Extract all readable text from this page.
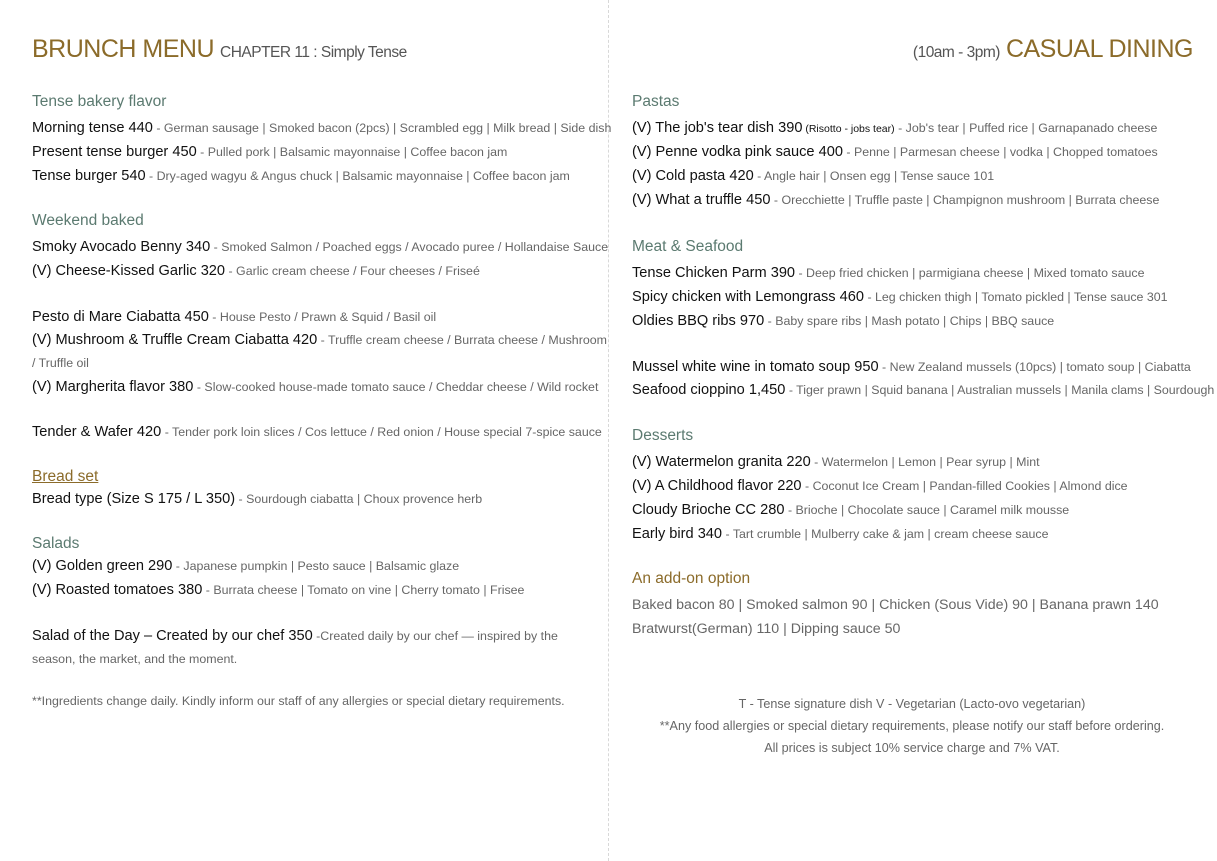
BRUNCH MENU CHAPTER 11 : Simply Tense	(10am - 3pm) CASUAL DINING
Tense bakery flavor
Morning tense 440 - German sausage | Smoked bacon (2pcs) | Scrambled egg | Milk bread | Side dish
Present tense burger 450 - Pulled pork | Balsamic mayonnaise | Coffee bacon jam
Tense burger 540 - Dry-aged wagyu & Angus chuck | Balsamic mayonnaise | Coffee bacon jam
Weekend baked
Smoky Avocado Benny 340 - Smoked Salmon / Poached eggs / Avocado puree / Hollandaise Sauce
(V) Cheese-Kissed Garlic 320 - Garlic cream cheese / Four cheeses / Friseé
Pesto di Mare Ciabatta 450 - House Pesto / Prawn & Squid / Basil oil
(V) Mushroom & Truffle Cream Ciabatta 420 - Truffle cream cheese / Burrata cheese / Mushroom / Truffle oil
(V) Margherita flavor 380 - Slow-cooked house-made tomato sauce / Cheddar cheese / Wild rocket
Tender & Wafer 420 - Tender pork loin slices / Cos lettuce / Red onion / House special 7-spice sauce
Bread set
Bread type (Size S 175 / L 350) - Sourdough ciabatta | Choux provence herb
Salads
(V) Golden green 290 - Japanese pumpkin | Pesto sauce | Balsamic glaze
(V) Roasted tomatoes 380 - Burrata cheese | Tomato on vine | Cherry tomato | Frisee
Salad of the Day – Created by our chef 350 -Created daily by our chef — inspired by the season, the market, and the moment.
**Ingredients change daily. Kindly inform our staff of any allergies or special dietary requirements.
Pastas
(V) The job's tear dish 390 (Risotto - jobs tear) - Job's tear | Puffed rice | Garnapanado cheese
(V) Penne vodka pink sauce 400 - Penne | Parmesan cheese | vodka | Chopped tomatoes
(V) Cold pasta 420 - Angle hair | Onsen egg | Tense sauce 101
(V) What a truffle 450 - Orecchiette | Truffle paste | Champignon mushroom | Burrata cheese
Meat & Seafood
Tense Chicken Parm 390 - Deep fried chicken | parmigiana cheese | Mixed tomato sauce
Spicy chicken with Lemongrass 460 - Leg chicken thigh | Tomato pickled | Tense sauce 301
Oldies BBQ ribs 970 - Baby spare ribs | Mash potato | Chips | BBQ sauce
Mussel white wine in tomato soup 950 - New Zealand mussels (10pcs) | tomato soup | Ciabatta
Seafood cioppino 1,450 - Tiger prawn | Squid banana | Australian mussels | Manila clams | Sourdough
Desserts
(V) Watermelon granita 220 - Watermelon | Lemon | Pear syrup | Mint
(V) A Childhood flavor 220 - Coconut Ice Cream | Pandan-filled Cookies | Almond dice
Cloudy Brioche CC 280 - Brioche | Chocolate sauce | Caramel milk mousse
Early bird 340 - Tart crumble | Mulberry cake & jam | cream cheese sauce
An add-on option
Baked bacon 80 | Smoked salmon 90 | Chicken (Sous Vide) 90 | Banana prawn 140
Bratwurst(German) 110 | Dipping sauce 50
T - Tense signature dish V - Vegetarian (Lacto-ovo vegetarian)
**Any food allergies or special dietary requirements, please notify our staff before ordering.
All prices is subject 10% service charge and 7% VAT.
